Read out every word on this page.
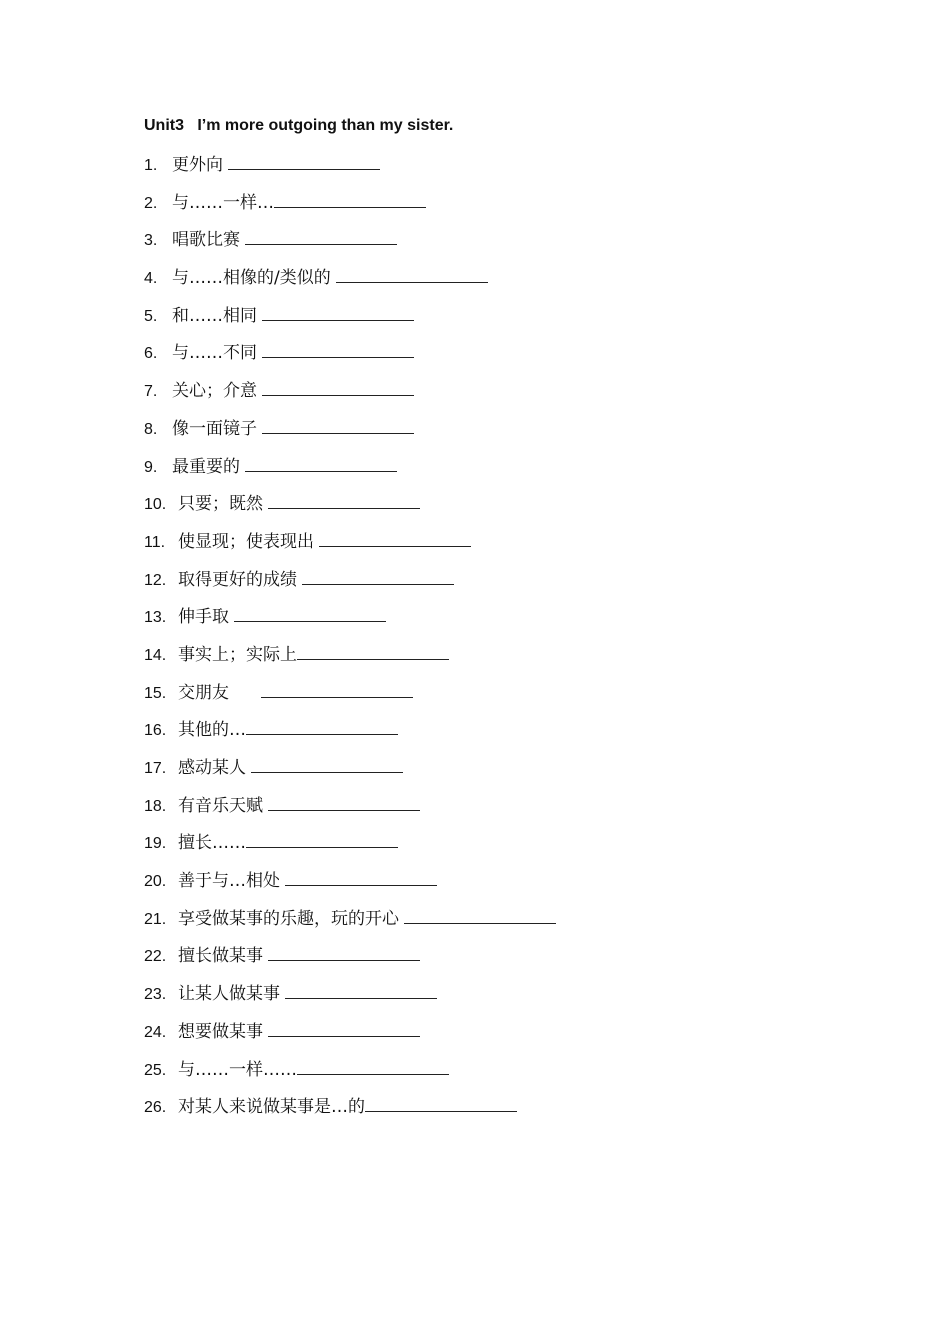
Unit3   I’m more outgoing than my sister.
1. 更外向
2. 与……一样…
3. 唱歌比赛
4. 与……相像的/类似的
5. 和……相同
6. 与……不同
7. 关心；介意
8. 像一面镜子
9. 最重要的
10. 只要；既然
11. 使显现；使表现出
12. 取得更好的成绩
13. 伸手取
14. 事实上；实际上
15. 交朋友
16. 其他的…
17. 感动某人
18. 有音乐天赋
19. 擅长……
20. 善于与…相处
21. 享受做某事的乐趣，玩的开心
22. 擅长做某事
23. 让某人做某事
24. 想要做某事
25. 与……一样……
26. 对某人来说做某事是…的
